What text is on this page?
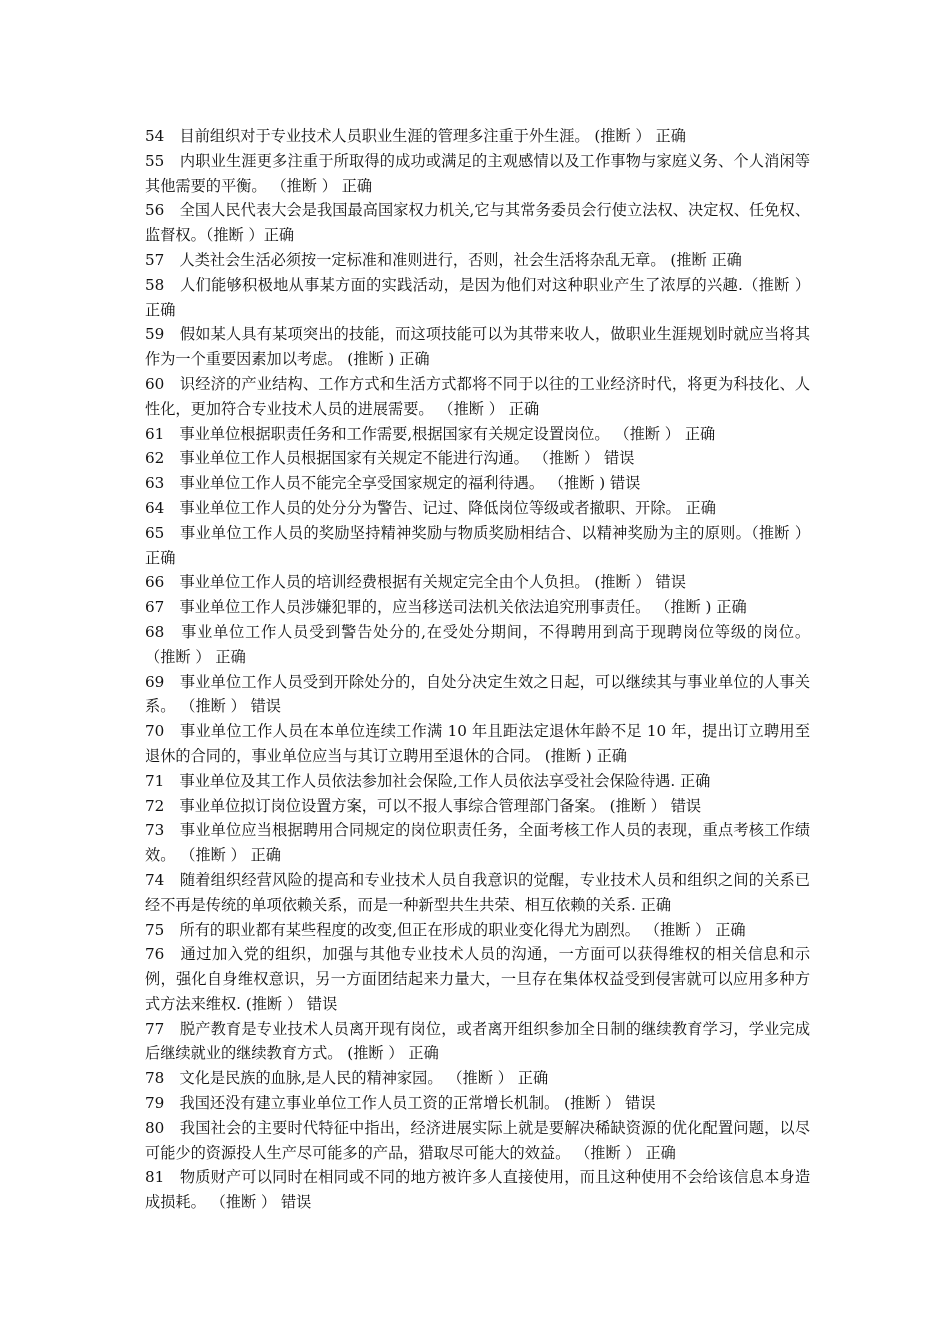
54　 目前组织对于专业技术人员职业生涯的管理多注重于外生涯。 (推断 ） 正确

55　 内职业生涯更多注重于所取得的成功或满足的主观感情以及工作事物与家庭义务、个人消闲等其他需要的平衡。 （推断 ） 正确

56　 全国人民代表大会是我国最高国家权力机关,它与其常务委员会行使立法权、决定权、任免权、监督权。（推断 ）正确

57　 人类社会生活必须按一定标准和准则进行，否则，社会生活将杂乱无章。 (推断 正确

58　 人们能够积极地从事某方面的实践活动，是因为他们对这种职业产生了浓厚的兴趣.（推断 ） 正确

59　 假如某人具有某项突出的技能，而这项技能可以为其带来收人，做职业生涯规划时就应当将其作为一个重要因素加以考虑。 (推断 ) 正确

60　 识经济的产业结构、工作方式和生活方式都将不同于以往的工业经济时代，将更为科技化、人性化，更加符合专业技术人员的进展需要。 （推断 ） 正确

61　 事业单位根据职责任务和工作需要,根据国家有关规定设置岗位。 （推断 ） 正确

62　 事业单位工作人员根据国家有关规定不能进行沟通。 （推断 ） 错误

63　 事业单位工作人员不能完全享受国家规定的福利待遇。 （推断 ) 错误

64　 事业单位工作人员的处分分为警告、记过、降低岗位等级或者撤职、开除。 正确

65　 事业单位工作人员的奖励坚持精神奖励与物质奖励相结合、以精神奖励为主的原则。（推断 ） 正确

66　 事业单位工作人员的培训经费根据有关规定完全由个人负担。 (推断 ） 错误

67　 事业单位工作人员涉嫌犯罪的，应当移送司法机关依法追究刑事责任。 （推断 ) 正确

68　 事业单位工作人员受到警告处分的,在受处分期间，不得聘用到高于现聘岗位等级的岗位。 （推断 ） 正确

69　 事业单位工作人员受到开除处分的，自处分决定生效之日起，可以继续其与事业单位的人事关系。 （推断 ） 错误

70　 事业单位工作人员在本单位连续工作满 10 年且距法定退休年龄不足 10 年，提出订立聘用至退休的合同的，事业单位应当与其订立聘用至退休的合同。 (推断 ) 正确

71　 事业单位及其工作人员依法参加社会保险,工作人员依法享受社会保险待遇. 正确

72　 事业单位拟订岗位设置方案，可以不报人事综合管理部门备案。 (推断 ） 错误

73　 事业单位应当根据聘用合同规定的岗位职责任务，全面考核工作人员的表现，重点考核工作绩效。 （推断 ） 正确

74　 随着组织经营风险的提高和专业技术人员自我意识的觉醒，专业技术人员和组织之间的关系已经不再是传统的单项依赖关系，而是一种新型共生共荣、相互依赖的关系. 正确

75　 所有的职业都有某些程度的改变,但正在形成的职业变化得尤为剧烈。 （推断 ） 正确

76　 通过加入党的组织，加强与其他专业技术人员的沟通，一方面可以获得维权的相关信息和示例，强化自身维权意识，另一方面团结起来力量大，一旦存在集体权益受到侵害就可以应用多种方式方法来维权. (推断 ） 错误

77　 脱产教育是专业技术人员离开现有岗位，或者离开组织参加全日制的继续教育学习，学业完成后继续就业的继续教育方式。 (推断 ） 正确

78　 文化是民族的血脉,是人民的精神家园。 （推断 ） 正确

79　 我国还没有建立事业单位工作人员工资的正常增长机制。 (推断 ） 错误

80　 我国社会的主要时代特征中指出，经济进展实际上就是要解决稀缺资源的优化配置问题，以尽可能少的资源投人生产尽可能多的产品，猎取尽可能大的效益。 （推断 ） 正确

81　 物质财产可以同时在相同或不同的地方被许多人直接使用，而且这种使用不会给该信息本身造成损耗。 （推断 ） 错误
